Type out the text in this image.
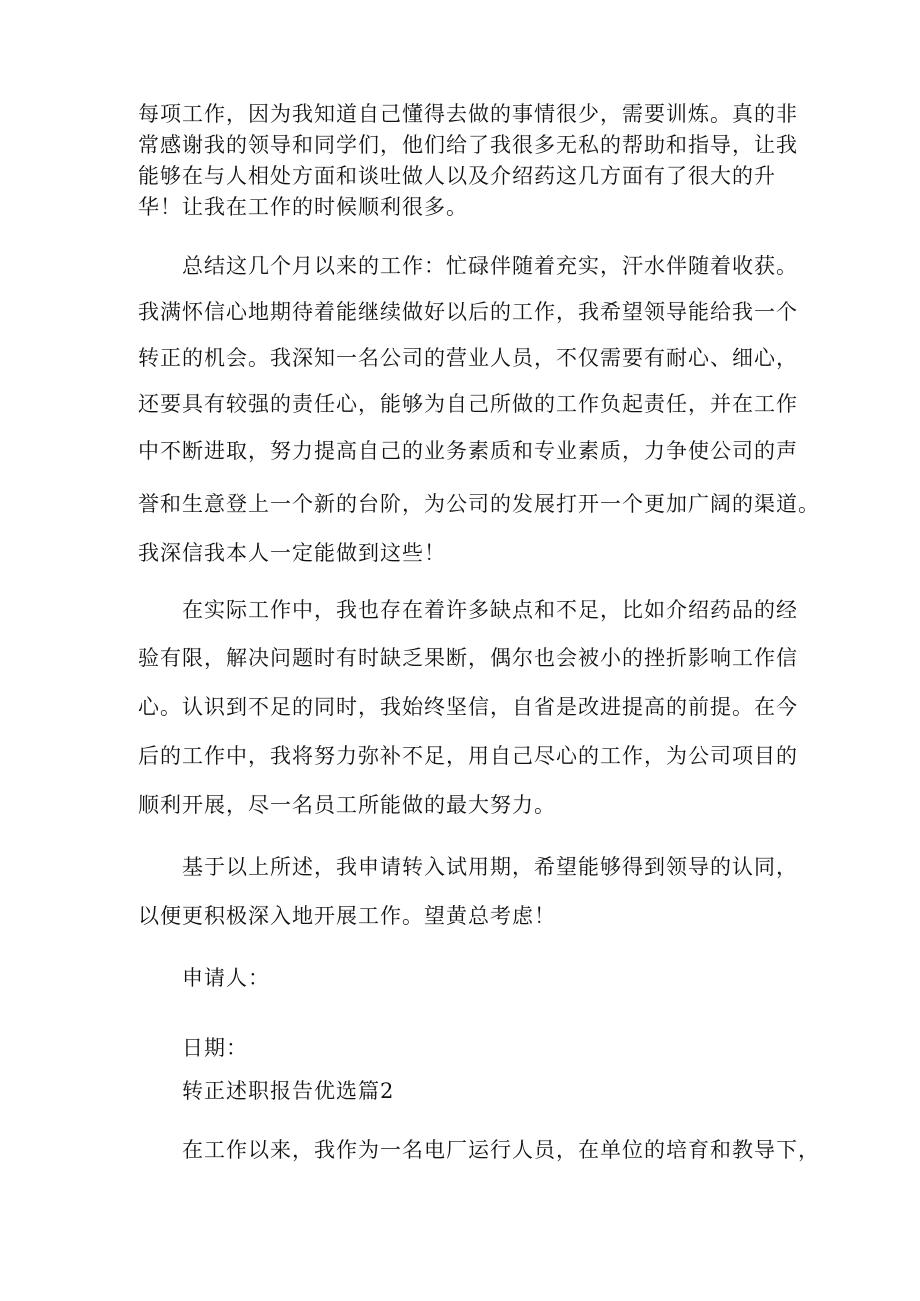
每项工作，因为我知道自己懂得去做的事情很少，需要训炼。真的非
常感谢我的领导和同学们，他们给了我很多无私的帮助和指导，让我
能够在与人相处方面和谈吐做人以及介绍药这几方面有了很大的升
华！让我在工作的时候顺利很多。
总结这几个月以来的工作：忙碌伴随着充实，汗水伴随着收获。
我满怀信心地期待着能继续做好以后的工作，我希望领导能给我一个
转正的机会。我深知一名公司的营业人员，不仅需要有耐心、细心，
还要具有较强的责任心，能够为自己所做的工作负起责任，并在工作
中不断进取，努力提高自己的业务素质和专业素质，力争使公司的声
誉和生意登上一个新的台阶，为公司的发展打开一个更加广阔的渠道。
我深信我本人一定能做到这些！
在实际工作中，我也存在着许多缺点和不足，比如介绍药品的经
验有限，解决问题时有时缺乏果断，偶尔也会被小的挫折影响工作信
心。认识到不足的同时，我始终坚信，自省是改进提高的前提。在今
后的工作中，我将努力弥补不足，用自己尽心的工作，为公司项目的
顺利开展，尽一名员工所能做的最大努力。
基于以上所述，我申请转入试用期，希望能够得到领导的认同，
以便更积极深入地开展工作。望黄总考虑！
申请人：
日期：
转正述职报告优选篇2
在工作以来，我作为一名电厂运行人员，在单位的培育和教导下，
